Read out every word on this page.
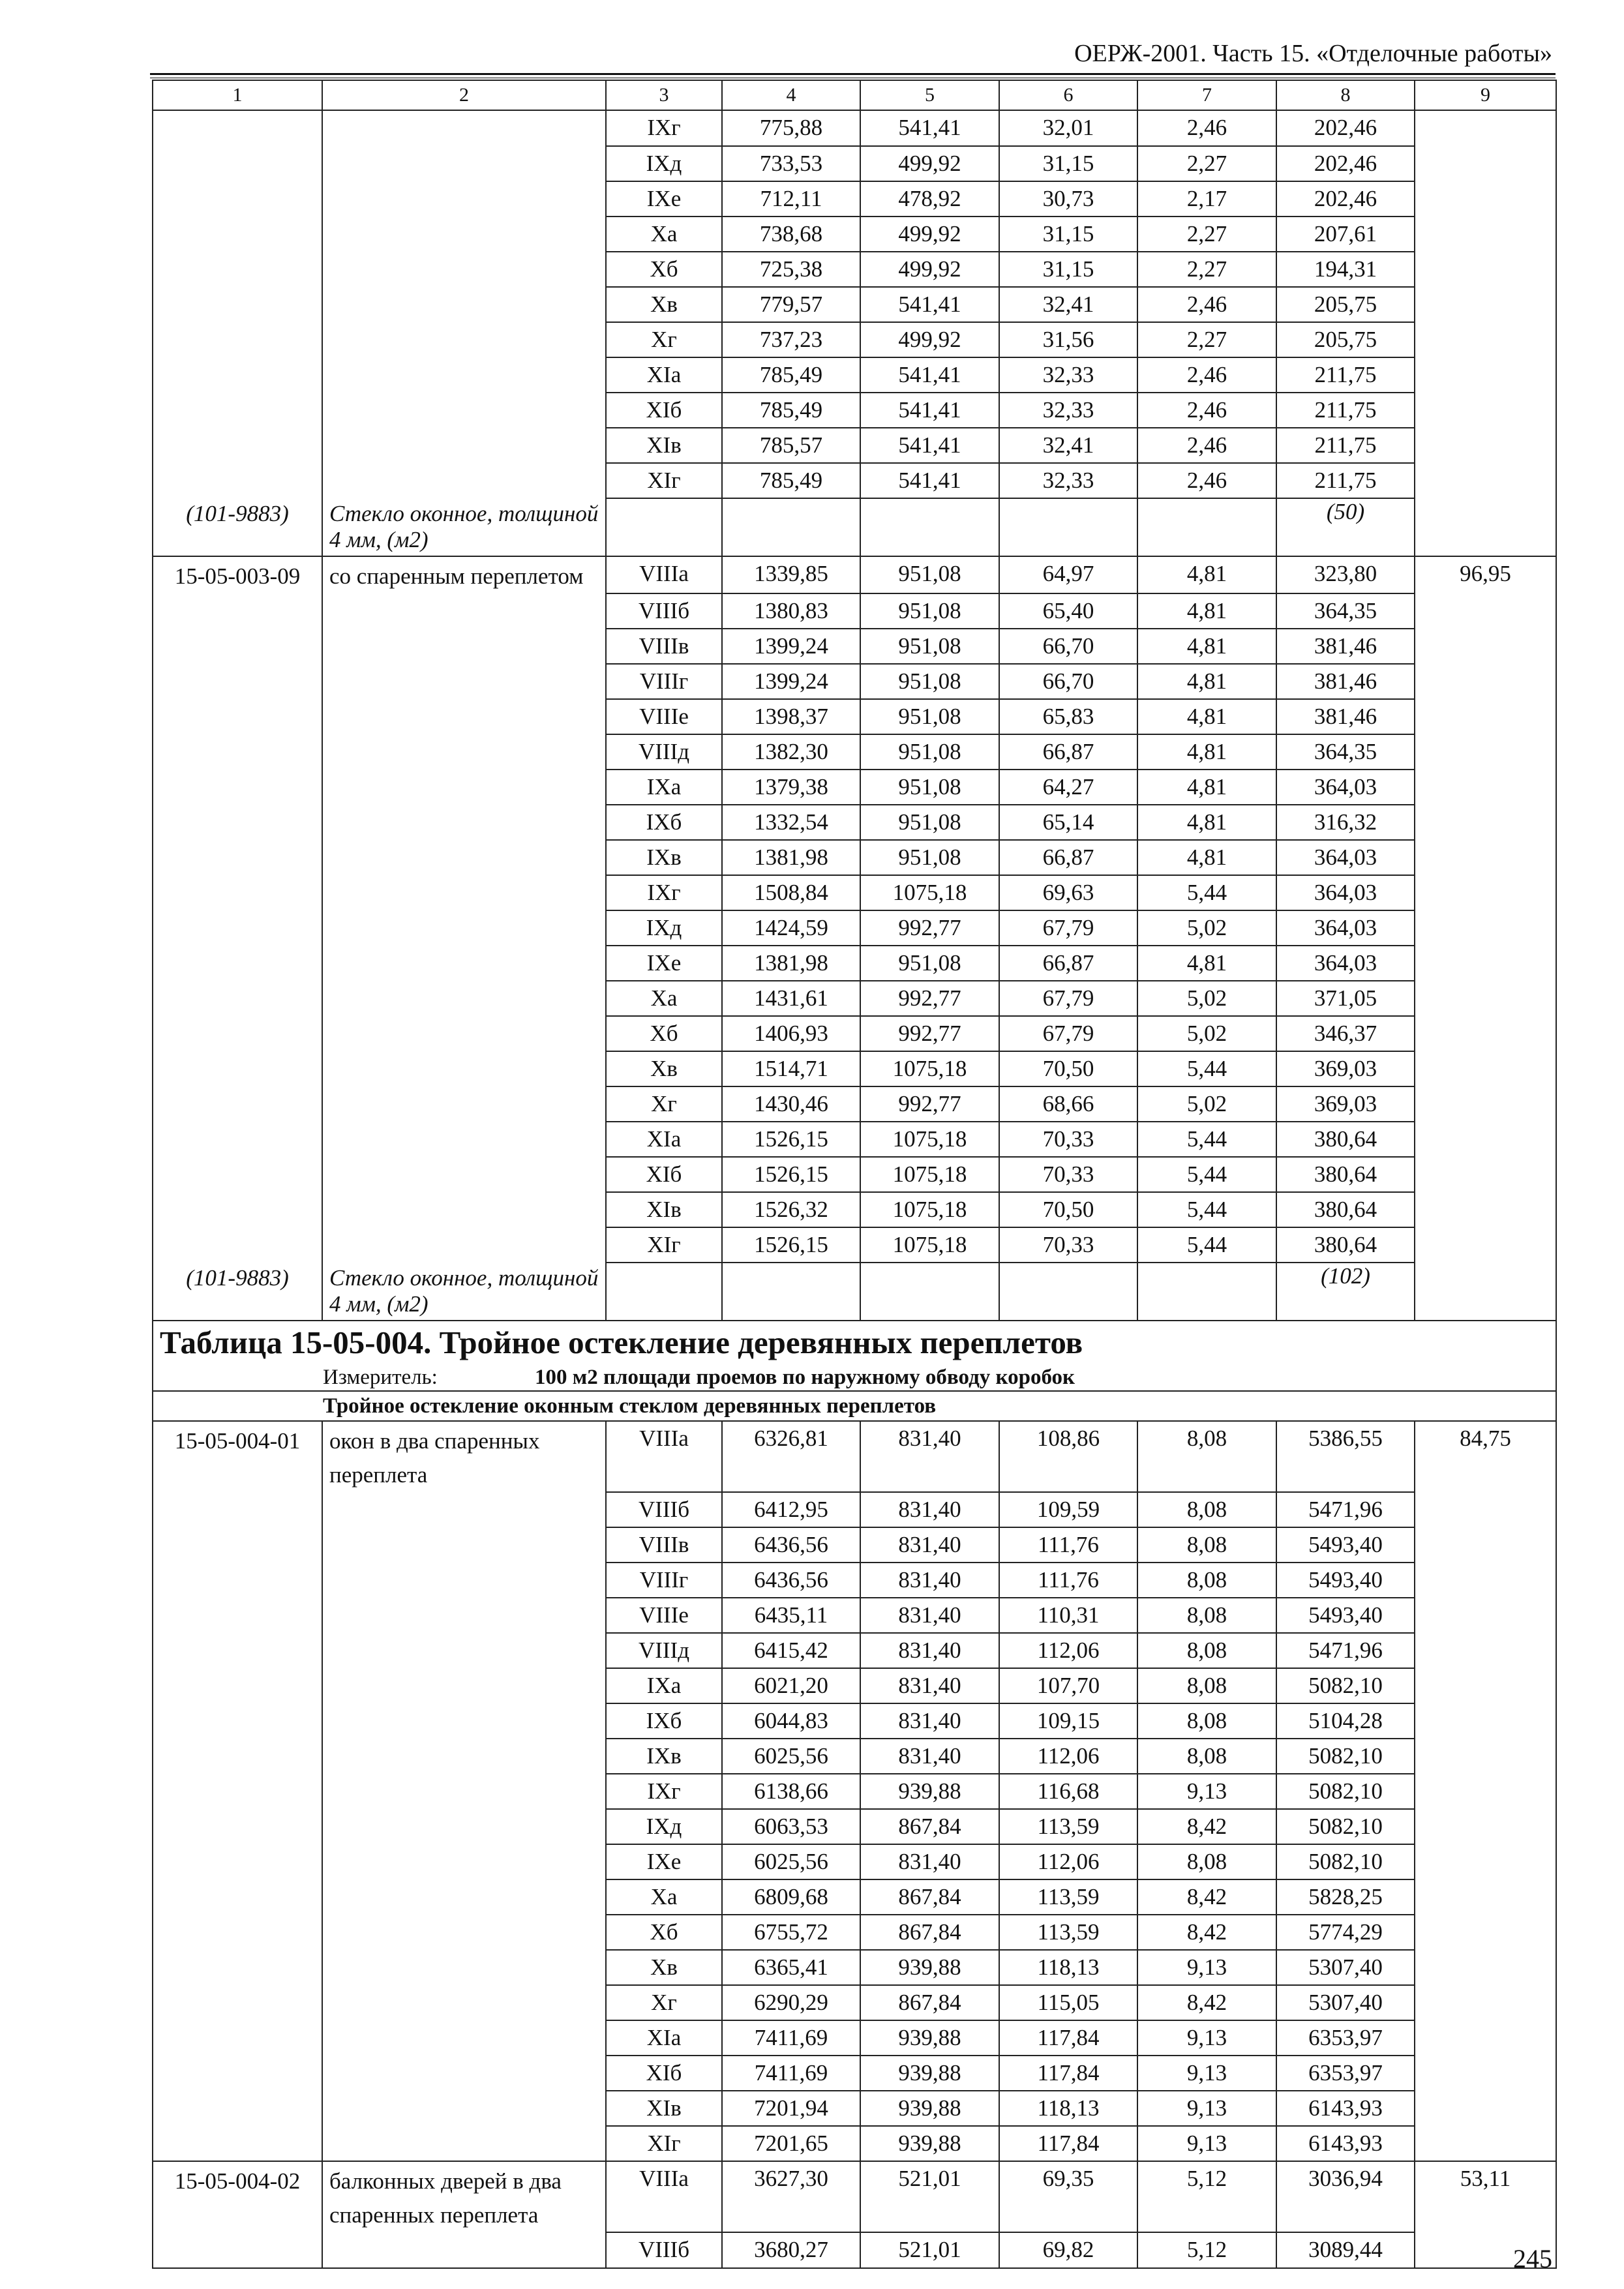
ОЕРЖ-2001. Часть 15. «Отделочные работы»
1	2	3	4	5	6	7	8	9
		IXг	775,88	541,41	32,01	2,46	202,46	
		IXд	733,53	499,92	31,15	2,27	202,46	
		IXе	712,11	478,92	30,73	2,17	202,46	
		Xа	738,68	499,92	31,15	2,27	207,61	
		Xб	725,38	499,92	31,15	2,27	194,31	
		Xв	779,57	541,41	32,41	2,46	205,75	
		Xг	737,23	499,92	31,56	2,27	205,75	
		XIа	785,49	541,41	32,33	2,46	211,75	
		XIб	785,49	541,41	32,33	2,46	211,75	
		XIв	785,57	541,41	32,41	2,46	211,75	
		XIг	785,49	541,41	32,33	2,46	211,75	
(101-9883)	Стекло оконное, толщиной 4 мм, (м2)						(50)	
15-05-003-09	со спаренным переплетом	VIIIа	1339,85	951,08	64,97	4,81	323,80	96,95
		VIIIб	1380,83	951,08	65,40	4,81	364,35	
		VIIIв	1399,24	951,08	66,70	4,81	381,46	
		VIIIг	1399,24	951,08	66,70	4,81	381,46	
		VIIIе	1398,37	951,08	65,83	4,81	381,46	
		VIIIд	1382,30	951,08	66,87	4,81	364,35	
		IXа	1379,38	951,08	64,27	4,81	364,03	
		IXб	1332,54	951,08	65,14	4,81	316,32	
		IXв	1381,98	951,08	66,87	4,81	364,03	
		IXг	1508,84	1075,18	69,63	5,44	364,03	
		IXд	1424,59	992,77	67,79	5,02	364,03	
		IXе	1381,98	951,08	66,87	4,81	364,03	
		Xа	1431,61	992,77	67,79	5,02	371,05	
		Xб	1406,93	992,77	67,79	5,02	346,37	
		Xв	1514,71	1075,18	70,50	5,44	369,03	
		Xг	1430,46	992,77	68,66	5,02	369,03	
		XIа	1526,15	1075,18	70,33	5,44	380,64	
		XIб	1526,15	1075,18	70,33	5,44	380,64	
		XIв	1526,32	1075,18	70,50	5,44	380,64	
		XIг	1526,15	1075,18	70,33	5,44	380,64	
(101-9883)	Стекло оконное, толщиной 4 мм, (м2)						(102)	
Таблица 15-05-004. Тройное остекление деревянных переплетов								
Измеритель: 100 м2 площади проемов по наружному обводу коробок								
Тройное остекление оконным стеклом деревянных переплетов								
15-05-004-01	окон в два спаренных переплета	VIIIа	6326,81	831,40	108,86	8,08	5386,55	84,75
		VIIIб	6412,95	831,40	109,59	8,08	5471,96	
		VIIIв	6436,56	831,40	111,76	8,08	5493,40	
		VIIIг	6436,56	831,40	111,76	8,08	5493,40	
		VIIIе	6435,11	831,40	110,31	8,08	5493,40	
		VIIIд	6415,42	831,40	112,06	8,08	5471,96	
		IXа	6021,20	831,40	107,70	8,08	5082,10	
		IXб	6044,83	831,40	109,15	8,08	5104,28	
		IXв	6025,56	831,40	112,06	8,08	5082,10	
		IXг	6138,66	939,88	116,68	9,13	5082,10	
		IXд	6063,53	867,84	113,59	8,42	5082,10	
		IXе	6025,56	831,40	112,06	8,08	5082,10	
		Xа	6809,68	867,84	113,59	8,42	5828,25	
		Xб	6755,72	867,84	113,59	8,42	5774,29	
		Xв	6365,41	939,88	118,13	9,13	5307,40	
		Xг	6290,29	867,84	115,05	8,42	5307,40	
		XIа	7411,69	939,88	117,84	9,13	6353,97	
		XIб	7411,69	939,88	117,84	9,13	6353,97	
		XIв	7201,94	939,88	118,13	9,13	6143,93	
		XIг	7201,65	939,88	117,84	9,13	6143,93	
15-05-004-02	балконных дверей в два спаренных переплета	VIIIа	3627,30	521,01	69,35	5,12	3036,94	53,11
		VIIIб	3680,27	521,01	69,82	5,12	3089,44		245
